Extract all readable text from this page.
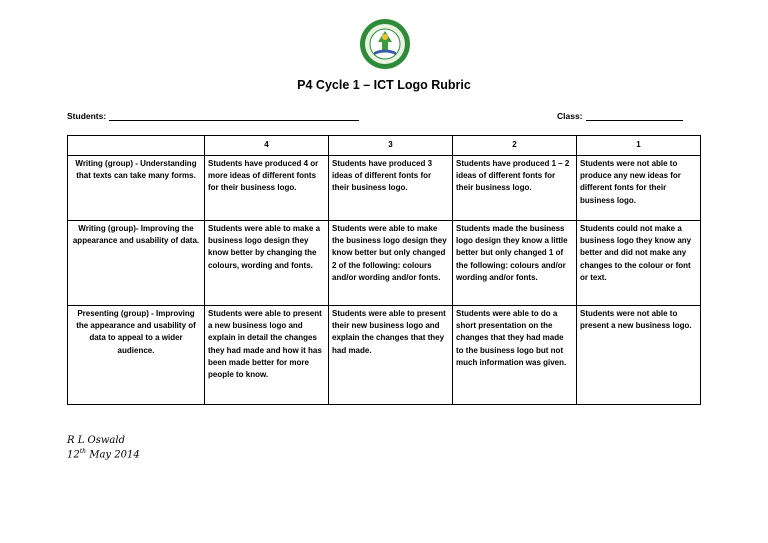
P4 Cycle 1 – ICT Logo Rubric
Students:	Class:
	4	3	2	1
Writing (group) - Understanding that texts can take many forms.	Students have produced 4 or more ideas of different fonts for their business logo.	Students have produced 3 ideas of different fonts for their business logo.	Students have produced 1 – 2 ideas of different fonts for their business logo.	Students were not able to produce any new ideas for different fonts for their business logo.
Writing (group)- Improving the appearance and usability of data.	Students were able to make a business logo design they know better by changing the colours, wording and fonts.	Students were able to make the business logo design they know better but only changed 2 of the following: colours and/or wording and/or fonts.	Students made the business logo design they know a little better but only changed 1 of the following: colours and/or wording and/or fonts.	Students could not make a business logo they know any better and did not make any changes to the colour or font or text.
Presenting (group) - Improving the appearance and usability of data to appeal to a wider audience.	Students were able to present a new business logo and explain in detail the changes they had made and how it has been made better for more people to know.	Students were able to present their new business logo and explain the changes that they had made.	Students were able to do a short presentation on the changes that they had made to the business logo but not much information was given.	Students were not able to present a new business logo.
R L Oswald
12th May 2014
